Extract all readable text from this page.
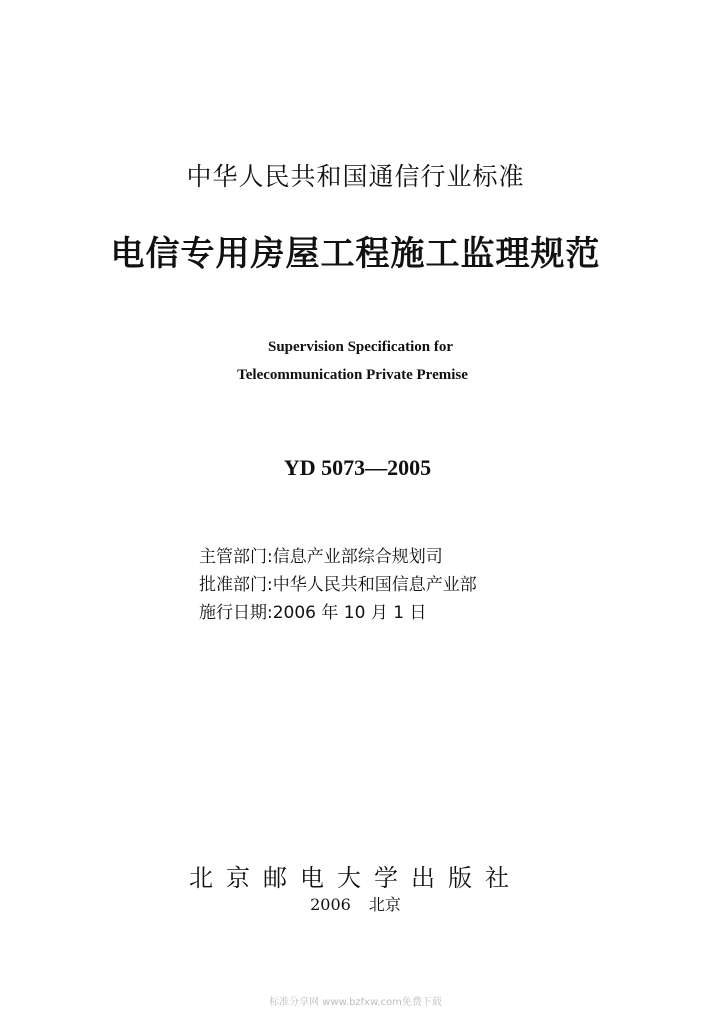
中华人民共和国通信行业标准
电信专用房屋工程施工监理规范
Supervision Specification for
Telecommunication Private Premise
YD 5073—2005
主管部门:信息产业部综合规划司
批准部门:中华人民共和国信息产业部
施行日期:2006 年 10 月 1 日
北京邮电大学出版社
2006 北京
标准分享网 www.bzfxw.com免费下载
